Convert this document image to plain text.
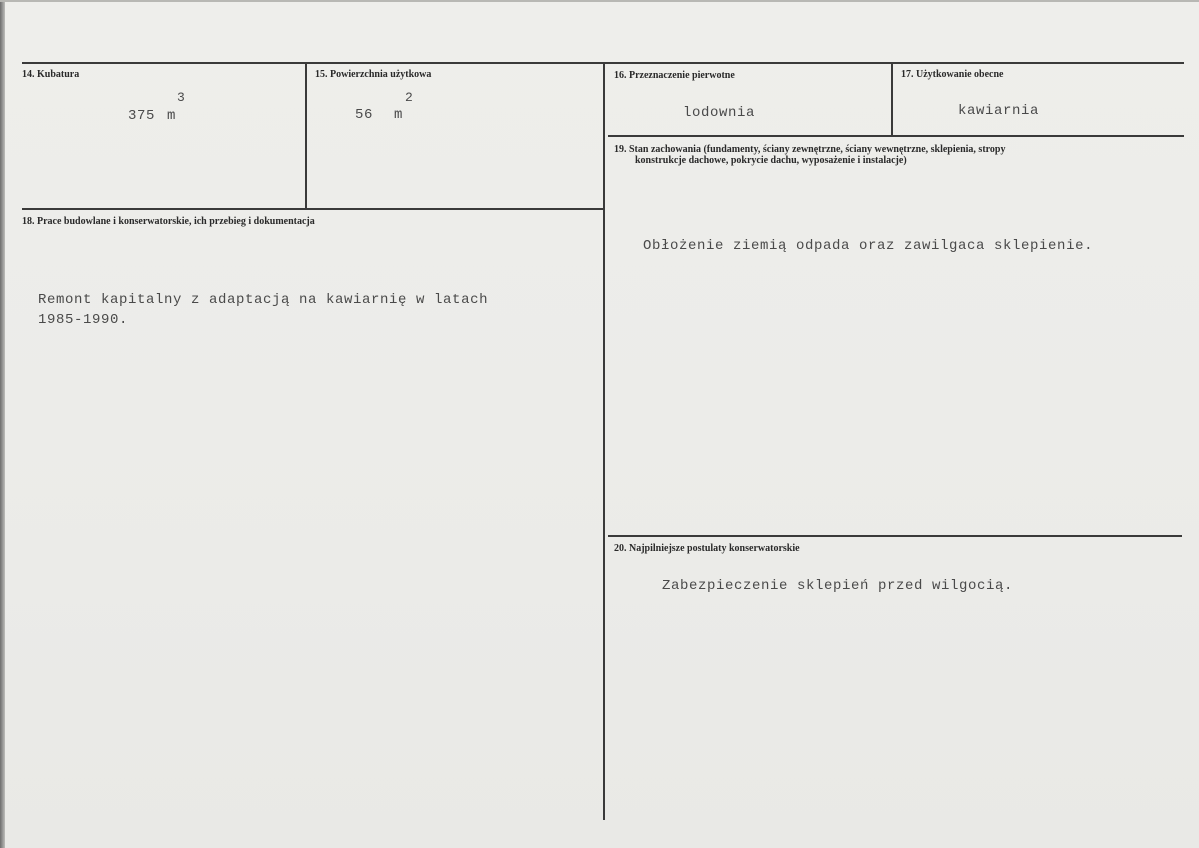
14. Kubatura
3
375 m
15. Powierzchnia użytkowa
2
56 m
16. Przeznaczenie pierwotne
lodownia
17. Użytkowanie obecne
kawiarnia
18. Prace budowlane i konserwatorskie, ich przebieg i dokumentacja
Remont kapitalny z adaptacją na kawiarnię w latach
1985-1990.
19. Stan zachowania (fundamenty, ściany zewnętrzne, ściany wewnętrzne, sklepienia, stropy
konstrukcje dachowe, pokrycie dachu, wyposażenie i instalacje)
Obłożenie ziemią odpada oraz zawilgaca sklepienie.
20. Najpilniejsze postulaty konserwatorskie
Zabezpieczenie sklepień przed wilgocią.
